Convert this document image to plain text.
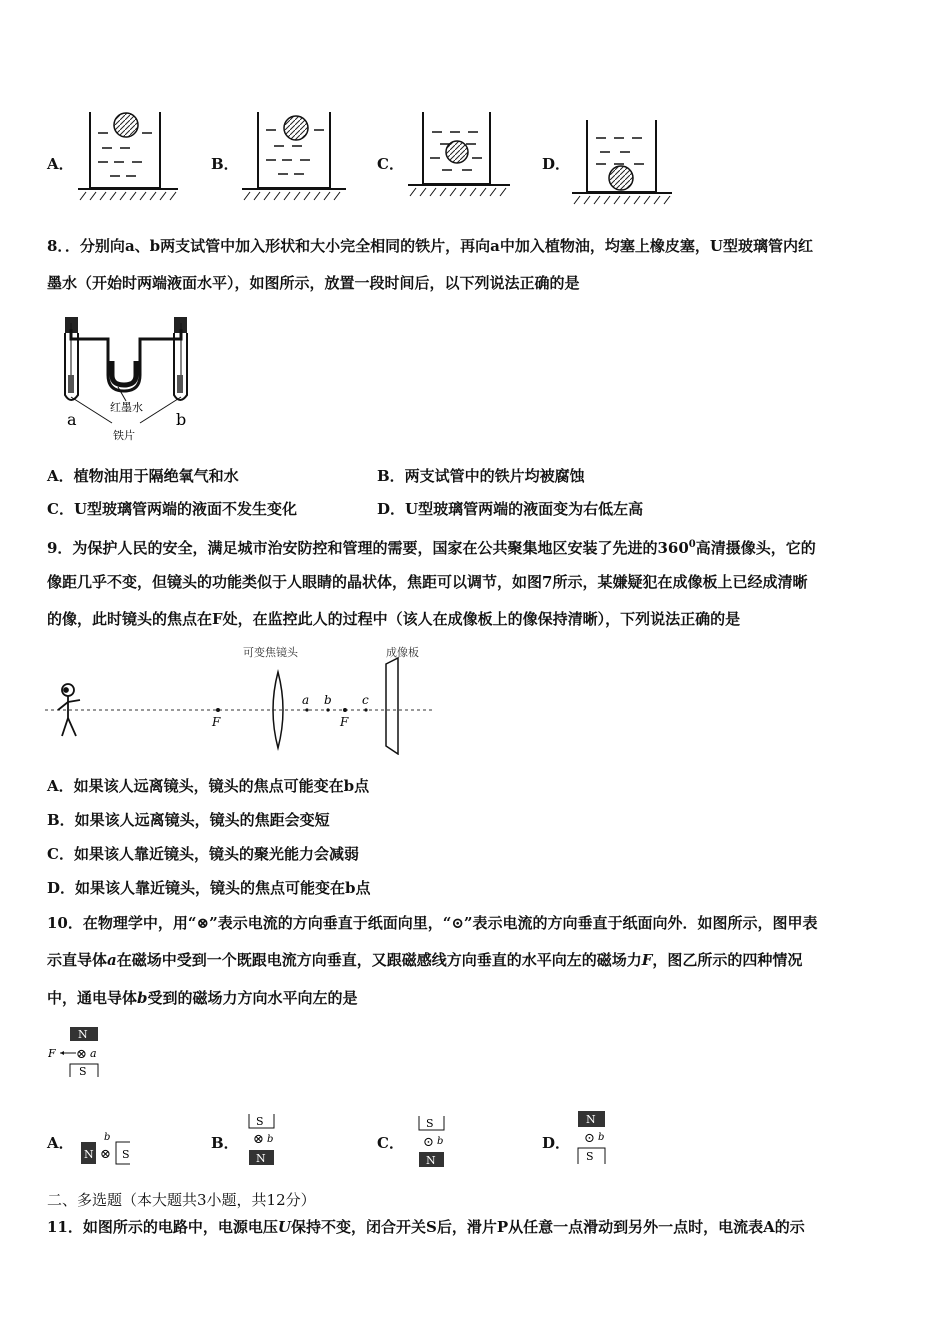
A．	B．	C．	D．
8．．分别向a、b两支试管中加入形状和大小完全相同的铁片，再向a中加入植物油，均塞上橡皮塞，U型玻璃管内红
墨水（开始时两端液面水平），如图所示，放置一段时间后，以下列说法正确的是
红墨水
a	b
铁片
A．植物油用于隔绝氧气和水	B．两支试管中的铁片均被腐蚀
C．U型玻璃管两端的液面不发生变化	D．U型玻璃管两端的液面变为右低左高
9．为保护人民的安全，满足城市治安防控和管理的需要，国家在公共聚集地区安装了先进的$360^0$高清摄像头，它的
像距几乎不变，但镜头的功能类似于人眼睛的晶状体，焦距可以调节，如图7所示，某嫌疑犯在成像板上已经成清晰
的像，此时镜头的焦点在F处，在监控此人的过程中（该人在成像板上的像保持清晰），下列说法正确的是
可变焦镜头	成像板
F
a b
F
c
A．如果该人远离镜头，镜头的焦点可能变在b点
B．如果该人远离镜头，镜头的焦距会变短
C．如果该人靠近镜头，镜头的聚光能力会减弱
D．如果该人靠近镜头，镜头的焦点可能变在b点
10．在物理学中，用“⊗”表示电流的方向垂直于纸面向里，“⊙”表示电流的方向垂直于纸面向外．如图所示，图甲表
示直导体a在磁场中受到一个既跟电流方向垂直，又跟磁感线方向垂直的水平向左的磁场力F，图乙所示的四种情况
中，通电导体b受到的磁场力方向水平向左的是
N
F ⊗ a
S
A．
N
b
⊗ S
B．
S
⊗ b
N
C．
S
⊙ b
N
D．
N
⊙ b
S
二、多选题（本大题共3小题，共12分）
11．如图所示的电路中，电源电压U保持不变，闭合开关S后，滑片P从任意一点滑动到另外一点时，电流表A的示
